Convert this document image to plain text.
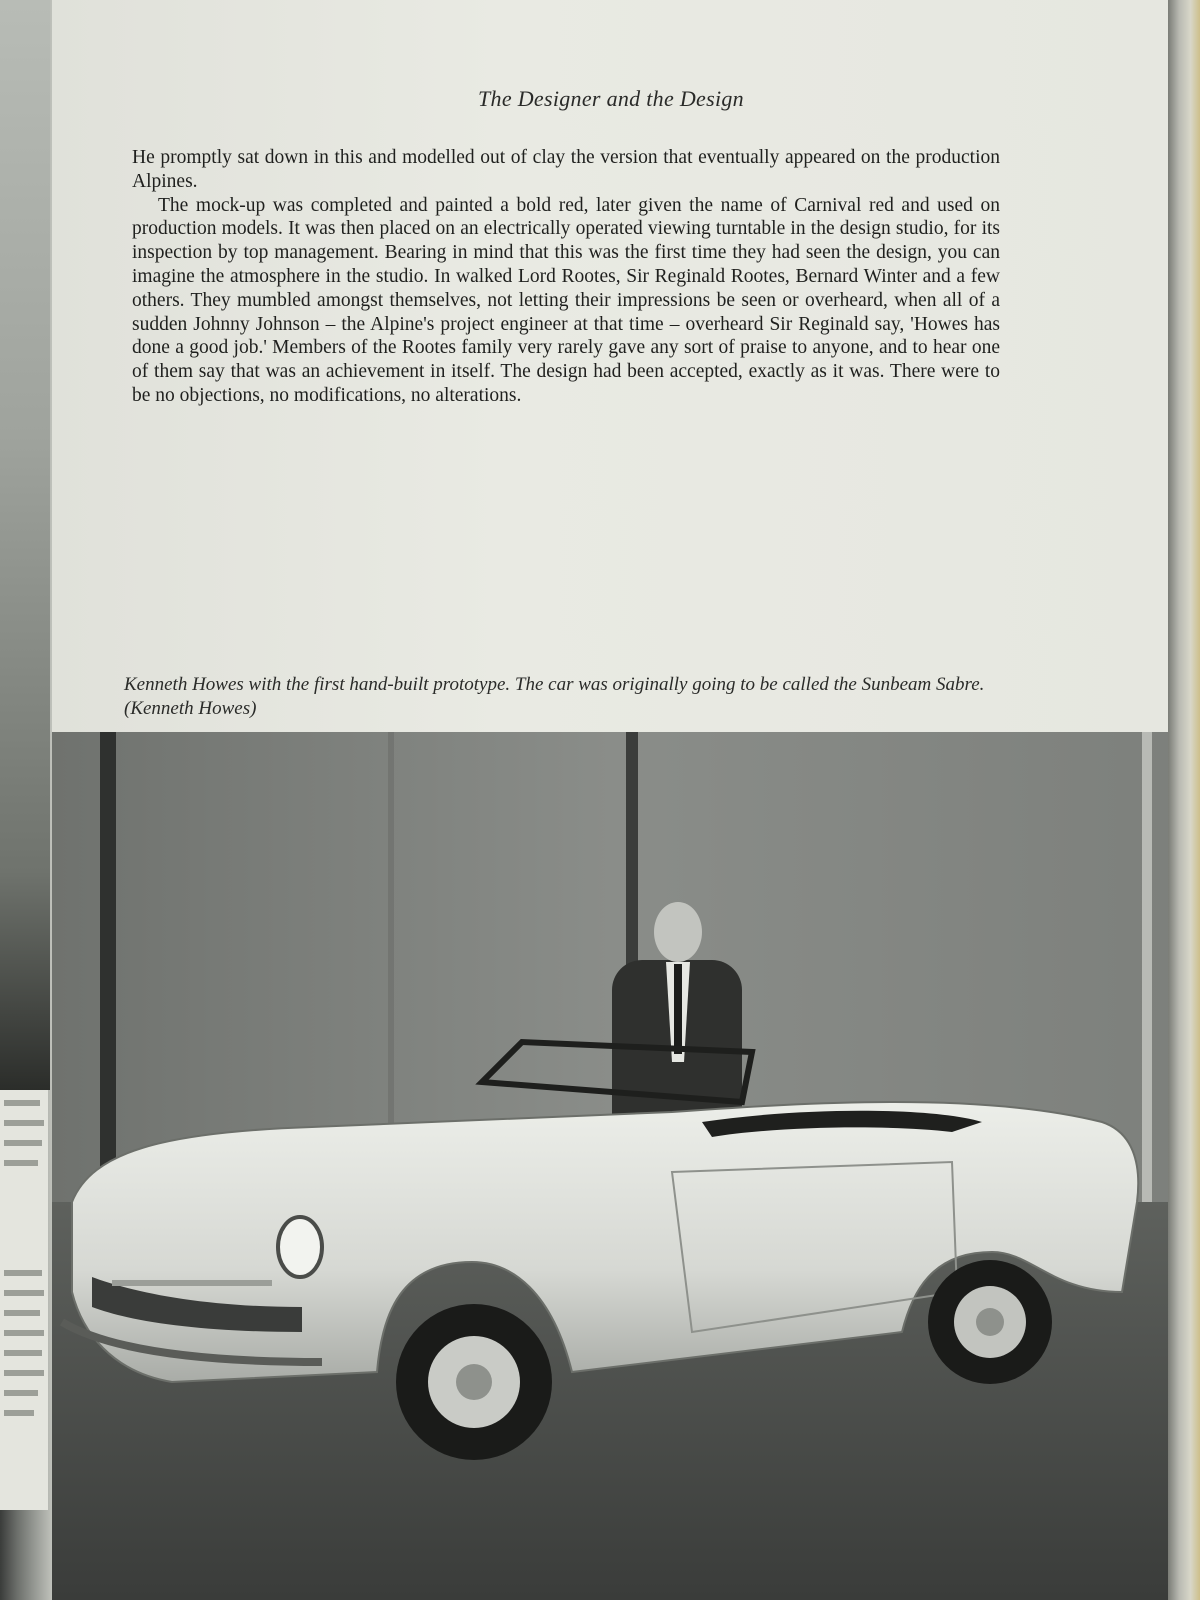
The Designer and the Design

He promptly sat down in this and modelled out of clay the version that eventually appeared on the production Alpines.

The mock-up was completed and painted a bold red, later given the name of Carnival red and used on production models. It was then placed on an electrically operated viewing turntable in the design studio, for its inspection by top management. Bearing in mind that this was the first time they had seen the design, you can imagine the atmosphere in the studio. In walked Lord Rootes, Sir Reginald Rootes, Bernard Winter and a few others. They mumbled amongst themselves, not letting their impressions be seen or overheard, when all of a sudden Johnny Johnson – the Alpine's project engineer at that time – overheard Sir Reginald say, 'Howes has done a good job.' Members of the Rootes family very rarely gave any sort of praise to anyone, and to hear one of them say that was an achievement in itself. The design had been accepted, exactly as it was. There were to be no objections, no modifications, no alterations.

Kenneth Howes with the first hand-built prototype. The car was originally going to be called the Sunbeam Sabre. (Kenneth Howes)
